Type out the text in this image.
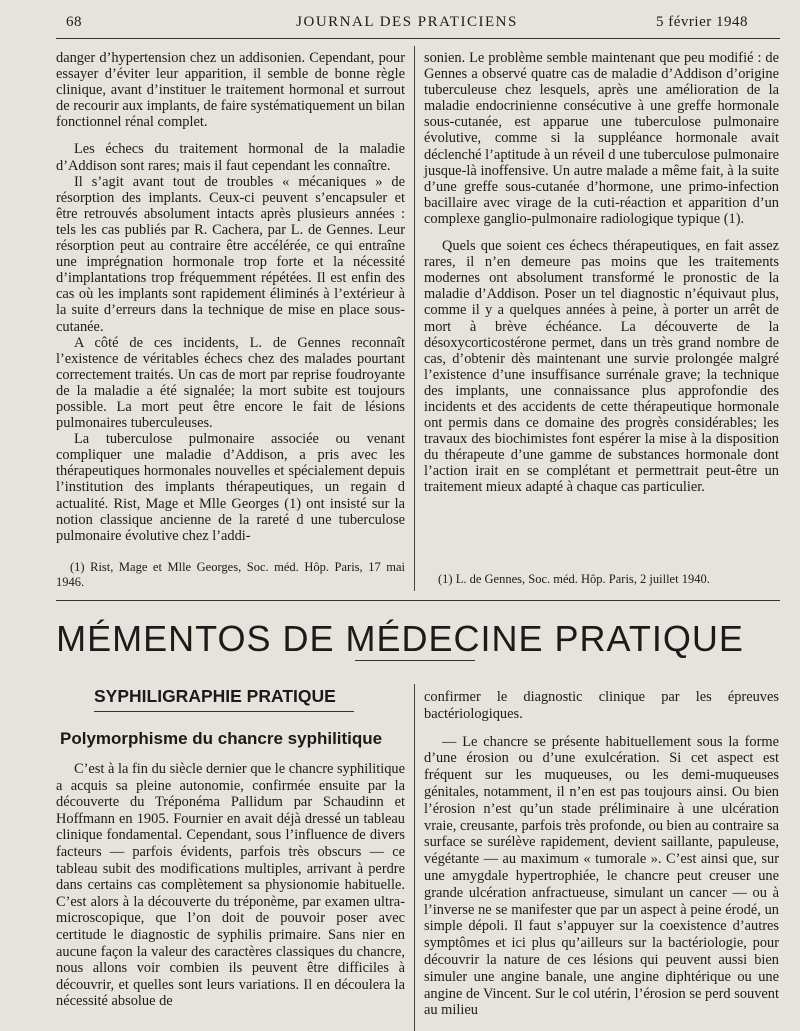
68	JOURNAL DES PRATICIENS	5 février 1948

danger d’hypertension chez un addisonien. Cependant, pour essayer d’éviter leur apparition, il semble de bonne règle clinique, avant d’instituer le traitement hormonal et surrout de recourir aux implants, de faire systématiquement un bilan fonctionnel rénal complet.

Les échecs du traitement hormonal de la maladie d’Addison sont rares; mais il faut cependant les connaître.

Il s’agit avant tout de troubles « mécaniques » de résorption des implants. Ceux-ci peuvent s’encapsuler et être retrouvés absolument intacts après plusieurs années : tels les cas publiés par R. Cachera, par L. de Gennes. Leur résorption peut au contraire être accélérée, ce qui entraîne une imprégnation hormonale trop forte et la nécessité d’implantations trop fréquemment répétées. Il est enfin des cas où les implants sont rapidement éliminés à l’extérieur à la suite d’erreurs dans la technique de mise en place sous-cutanée.

A côté de ces incidents, L. de Gennes reconnaît l’existence de véritables échecs chez des malades pourtant correctement traités. Un cas de mort par reprise foudroyante de la maladie a été signalée; la mort subite est toujours possible. La mort peut être encore le fait de lésions pulmonaires tuberculeuses.

La tuberculose pulmonaire associée ou venant compliquer une maladie d’Addison, a pris avec les thérapeutiques hormonales nouvelles et spécialement depuis l’institution des implants thérapeutiques, un regain d actualité. Rist, Mage et Mlle Georges (1) ont insisté sur la notion classique ancienne de la rareté d une tuberculose pulmonaire évolutive chez l’addi-

(1) Rist, Mage et Mlle Georges, Soc. méd. Hôp. Paris, 17 mai 1946.

sonien. Le problème semble maintenant que peu modifié : de Gennes a observé quatre cas de maladie d’Addison d’origine tuberculeuse chez lesquels, après une amélioration de la maladie endocrinienne consécutive à une greffe hormonale sous-cutanée, est apparue une tuberculose pulmonaire évolutive, comme si la suppléance hormonale avait déclenché l’aptitude à un réveil d une tuberculose pulmonaire jusque-là inoffensive. Un autre malade a même fait, à la suite d’une greffe sous-cutanée d’hormone, une primo-infection bacillaire avec virage de la cuti-réaction et apparition d’un complexe ganglio-pulmonaire radiologique typique (1).

Quels que soient ces échecs thérapeutiques, en fait assez rares, il n’en demeure pas moins que les traitements modernes ont absolument transformé le pronostic de la maladie d’Addison. Poser un tel diagnostic n’équivaut plus, comme il y a quelques années à peine, à porter un arrêt de mort à brève échéance. La découverte de la désoxycorticostérone permet, dans un très grand nombre de cas, d’obtenir dès maintenant une survie prolongée malgré l’existence d’une insuffisance surrénale grave; la technique des implants, une connaissance plus approfondie des incidents et des accidents de cette thérapeutique hormonale ont permis dans ce domaine des progrès considérables; les travaux des biochimistes font espérer la mise à la disposition du thérapeute d’une gamme de substances hormonale dont l’action irait en se complétant et permettrait peut-être un traitement mieux adapté à chaque cas particulier.

(1) L. de Gennes, Soc. méd. Hôp. Paris, 2 juillet 1940.

MÉMENTOS DE MÉDECINE PRATIQUE
SYPHILIGRAPHIE PRATIQUE
Polymorphisme du chancre syphilitique

C’est à la fin du siècle dernier que le chancre syphilitique a acquis sa pleine autonomie, confirmée ensuite par la découverte du Tréponéma Pallidum par Schaudinn et Hoffmann en 1905. Fournier en avait déjà dressé un tableau clinique fondamental. Cependant, sous l’influence de divers facteurs — parfois évidents, parfois très obscurs — ce tableau subit des modifications multiples, arrivant à perdre dans certains cas complètement sa physionomie habituelle. C’est alors à la découverte du tréponème, par examen ultra-microscopique, que l’on doit de pouvoir poser avec certitude le diagnostic de syphilis primaire. Sans nier en aucune façon la valeur des caractères classiques du chancre, nous allons voir combien ils peuvent être difficiles à découvrir, et quelles sont leurs variations. Il en découlera la nécessité absolue de

confirmer le diagnostic clinique par les épreuves bactériologiques.

— Le chancre se présente habituellement sous la forme d’une érosion ou d’une exulcération. Si cet aspect est fréquent sur les muqueuses, ou les demi-muqueuses génitales, notamment, il n’en est pas toujours ainsi. Ou bien l’érosion n’est qu’un stade préliminaire à une ulcération vraie, creusante, parfois très profonde, ou bien au contraire sa surface se surélève rapidement, devient saillante, papuleuse, végétante — au maximum « tumorale ». C’est ainsi que, sur une amygdale hypertrophiée, le chancre peut creuser une grande ulcération anfractueuse, simulant un cancer — ou à l’inverse ne se manifester que par un aspect à peine érodé, un simple dépoli. Il faut s’appuyer sur la coexistence d’autres symptômes et ici plus qu’ailleurs sur la bactériologie, pour découvrir la nature de ces lésions qui peuvent aussi bien simuler une angine banale, une angine diphtérique ou une angine de Vincent. Sur le col utérin, l’érosion se perd souvent au milieu
